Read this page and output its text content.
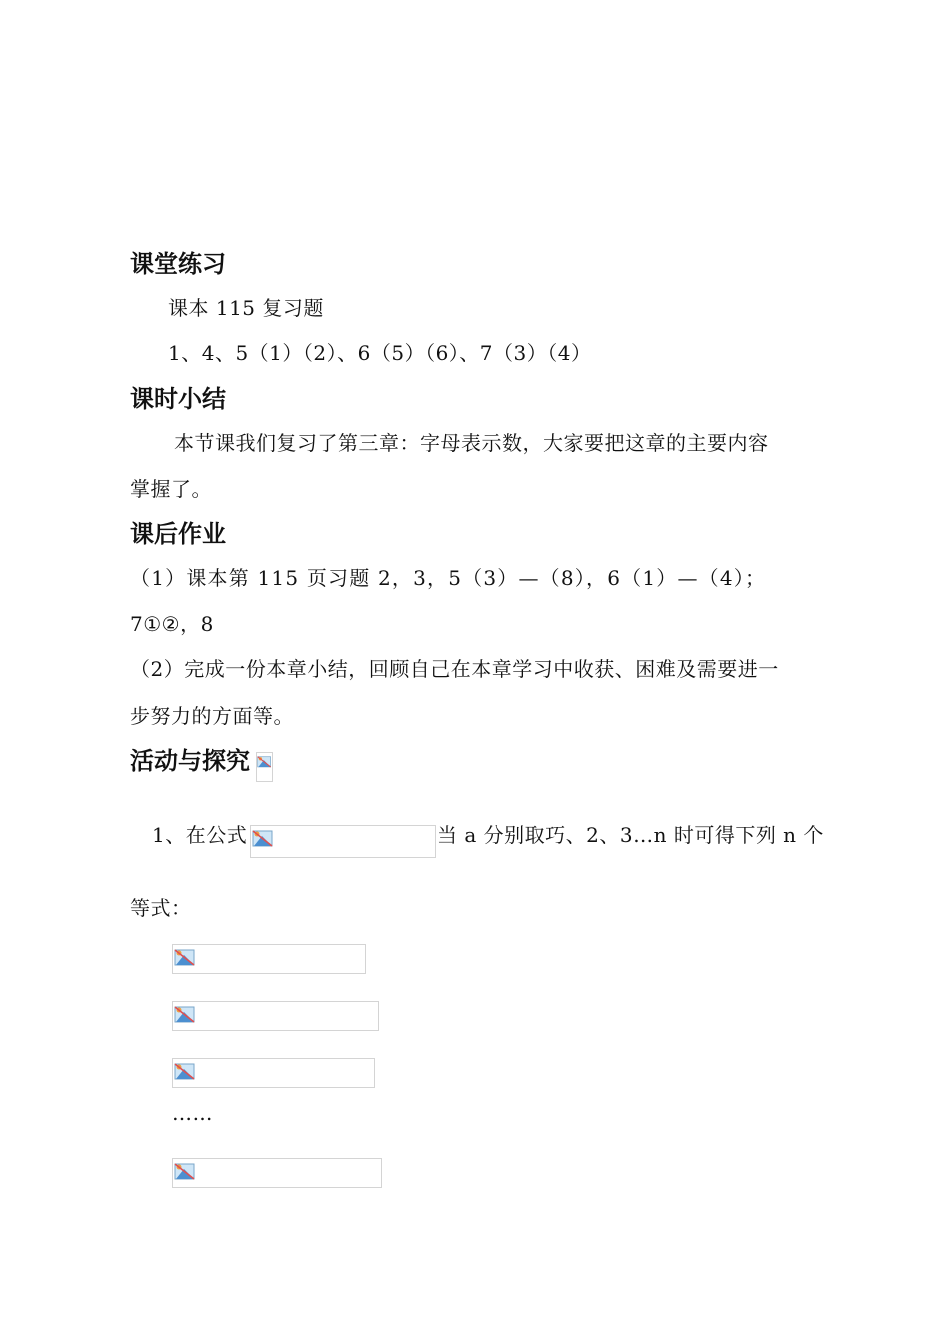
课堂练习
课本 115 复习题
1、4、5（1）（2）、6（5）（6）、7（3）（4）
课时小结
本节课我们复习了第三章：字母表示数，大家要把这章的主要内容
掌握了。
课后作业
（1）课本第 115 页习题 2，3，5（3）—（8），6（1）—（4）；
7①②，8
（2）完成一份本章小结，回顾自己在本章学习中收获、困难及需要进一
步努力的方面等。
活动与探究
1、在公式	当 a 分别取巧、2、3…n 时可得下列 n 个
等式：
……
